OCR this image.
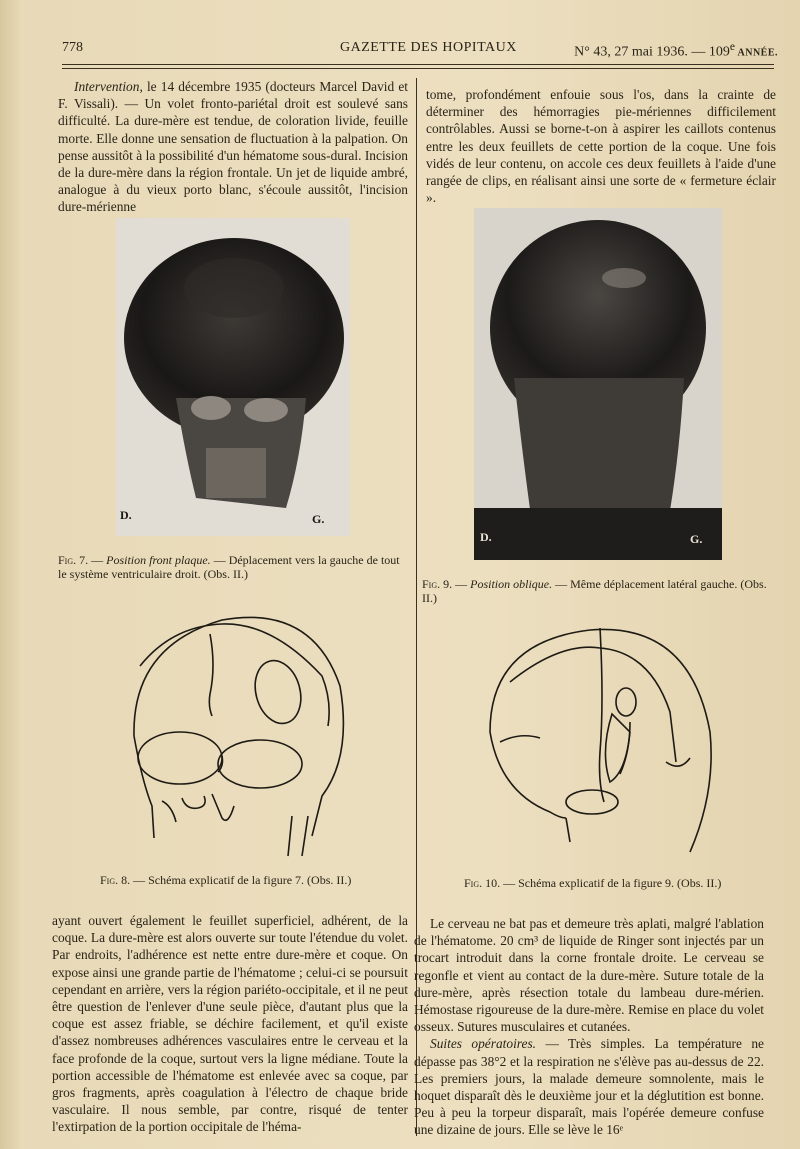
778	GAZETTE DES HOPITAUX	N° 43, 27 mai 1936. — 109e ANNÉE.

Intervention, le 14 décembre 1935 (docteurs Marcel David et F. Vissali). — Un volet fronto-pariétal droit est soulevé sans difficulté. La dure-mère est tendue, de coloration livide, feuille morte. Elle donne une sensation de fluctuation à la palpation. On pense aussitôt à la possibilité d'un hématome sous-dural. Incision de la dure-mère dans la région frontale. Un jet de liquide ambré, analogue à du vieux porto blanc, s'écoule aussitôt, l'incision dure-mérienne

tome, profondément enfouie sous l'os, dans la crainte de déterminer des hémorragies pie-mériennes difficilement contrôlables. Aussi se borne-t-on à aspirer les caillots contenus entre les deux feuillets de cette portion de la coque. Une fois vidés de leur contenu, on accole ces deux feuillets à l'aide d'une rangée de clips, en réalisant ainsi une sorte de « fermeture éclair ».

D.	G.
Fig. 7. — Position front plaque. — Déplacement vers la gauche de tout le système ventriculaire droit. (Obs. II.)
D.	G.
Fig. 9. — Position oblique. — Même déplacement latéral gauche. (Obs. II.)
Fig. 8. — Schéma explicatif de la figure 7. (Obs. II.)	Fig. 10. — Schéma explicatif de la figure 9. (Obs. II.)

ayant ouvert également le feuillet superficiel, adhérent, de la coque. La dure-mère est alors ouverte sur toute l'étendue du volet. Par endroits, l'adhérence est nette entre dure-mère et coque. On expose ainsi une grande partie de l'hématome ; celui-ci se poursuit cependant en arrière, vers la région pariéto-occipitale, et il ne peut être question de l'enlever d'une seule pièce, d'autant plus que la coque est assez friable, se déchire facilement, et qu'il existe d'assez nombreuses adhérences vasculaires entre le cerveau et la face profonde de la coque, surtout vers la ligne médiane. Toute la portion accessible de l'hématome est enlevée avec sa coque, par gros fragments, après coagulation à l'électro de chaque bride vasculaire. Il nous semble, par contre, risqué de tenter l'extirpation de la portion occipitale de l'héma-

Le cerveau ne bat pas et demeure très aplati, malgré l'ablation de l'hématome. 20 cm³ de liquide de Ringer sont injectés par un trocart introduit dans la corne frontale droite. Le cerveau se regonfle et vient au contact de la dure-mère. Suture totale de la dure-mère, après résection totale du lambeau dure-mérien. Hémostase rigoureuse de la dure-mère. Remise en place du volet osseux. Sutures musculaires et cutanées.

Suites opératoires. — Très simples. La température ne dépasse pas 38°2 et la respiration ne s'élève pas au-dessus de 22. Les premiers jours, la malade demeure somnolente, mais le hoquet disparaît dès le deuxième jour et la déglutition est bonne. Peu à peu la torpeur disparaît, mais l'opérée demeure confuse une dizaine de jours. Elle se lève le 16ᵉ
